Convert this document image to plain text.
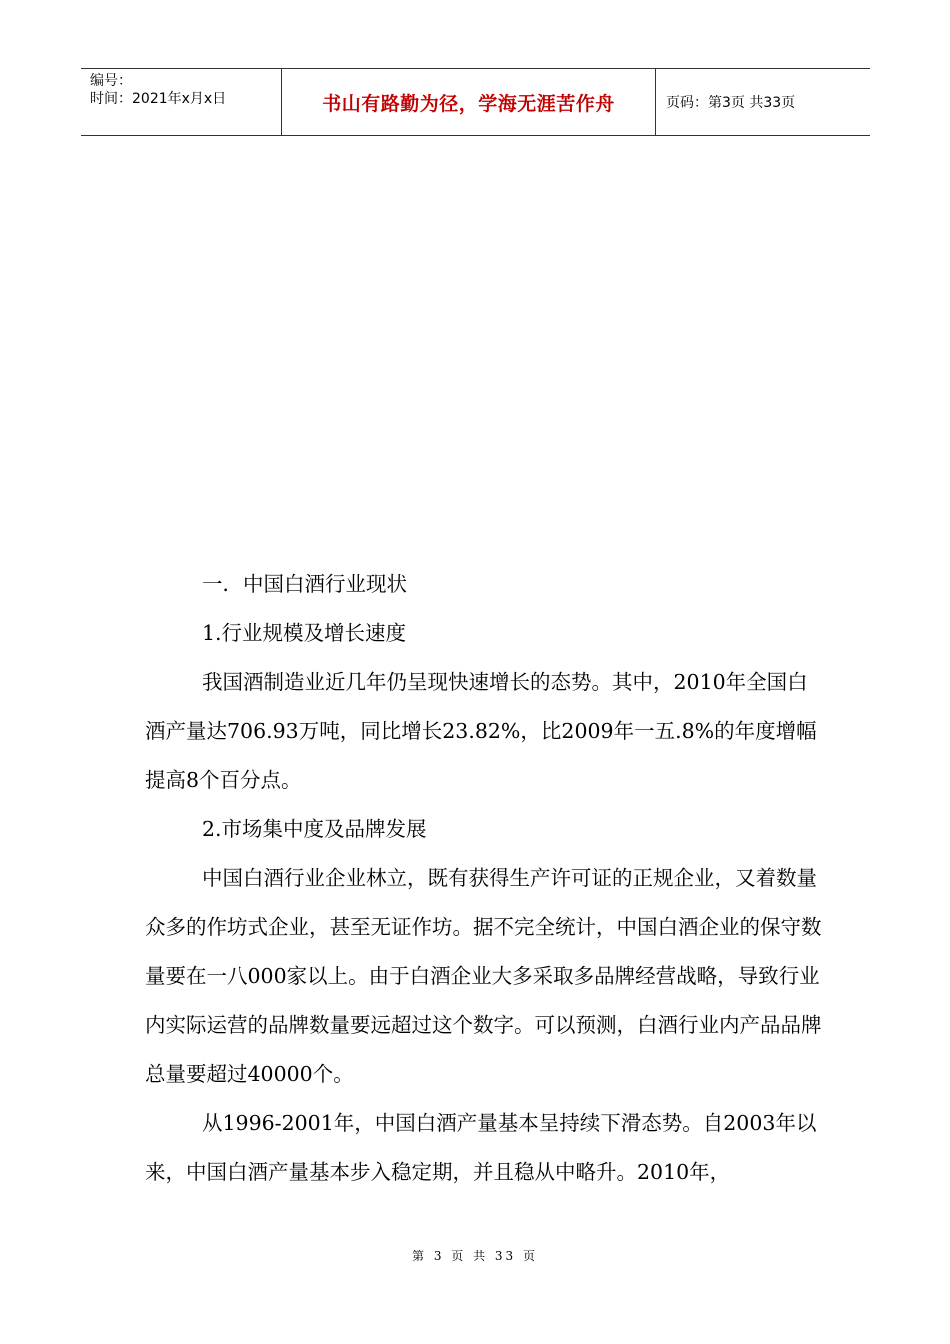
编号：
时间：2021年x月x日	书山有路勤为径，学海无涯苦作舟	页码：第3页 共33页

一．中国白酒行业现状

1.行业规模及增长速度

我国酒制造业近几年仍呈现快速增长的态势。其中，2010年全国白酒产量达706.93万吨，同比增长23.82%，比2009年一五.8%的年度增幅提高8个百分点。

2.市场集中度及品牌发展

中国白酒行业企业林立，既有获得生产许可证的正规企业，又着数量众多的作坊式企业，甚至无证作坊。据不完全统计，中国白酒企业的保守数量要在一八000家以上。由于白酒企业大多采取多品牌经营战略，导致行业内实际运营的品牌数量要远超过这个数字。可以预测，白酒行业内产品品牌总量要超过40000个。

从1996-2001年，中国白酒产量基本呈持续下滑态势。自2003年以来，中国白酒产量基本步入稳定期，并且稳从中略升。2010年，

第 3 页 共 33 页
